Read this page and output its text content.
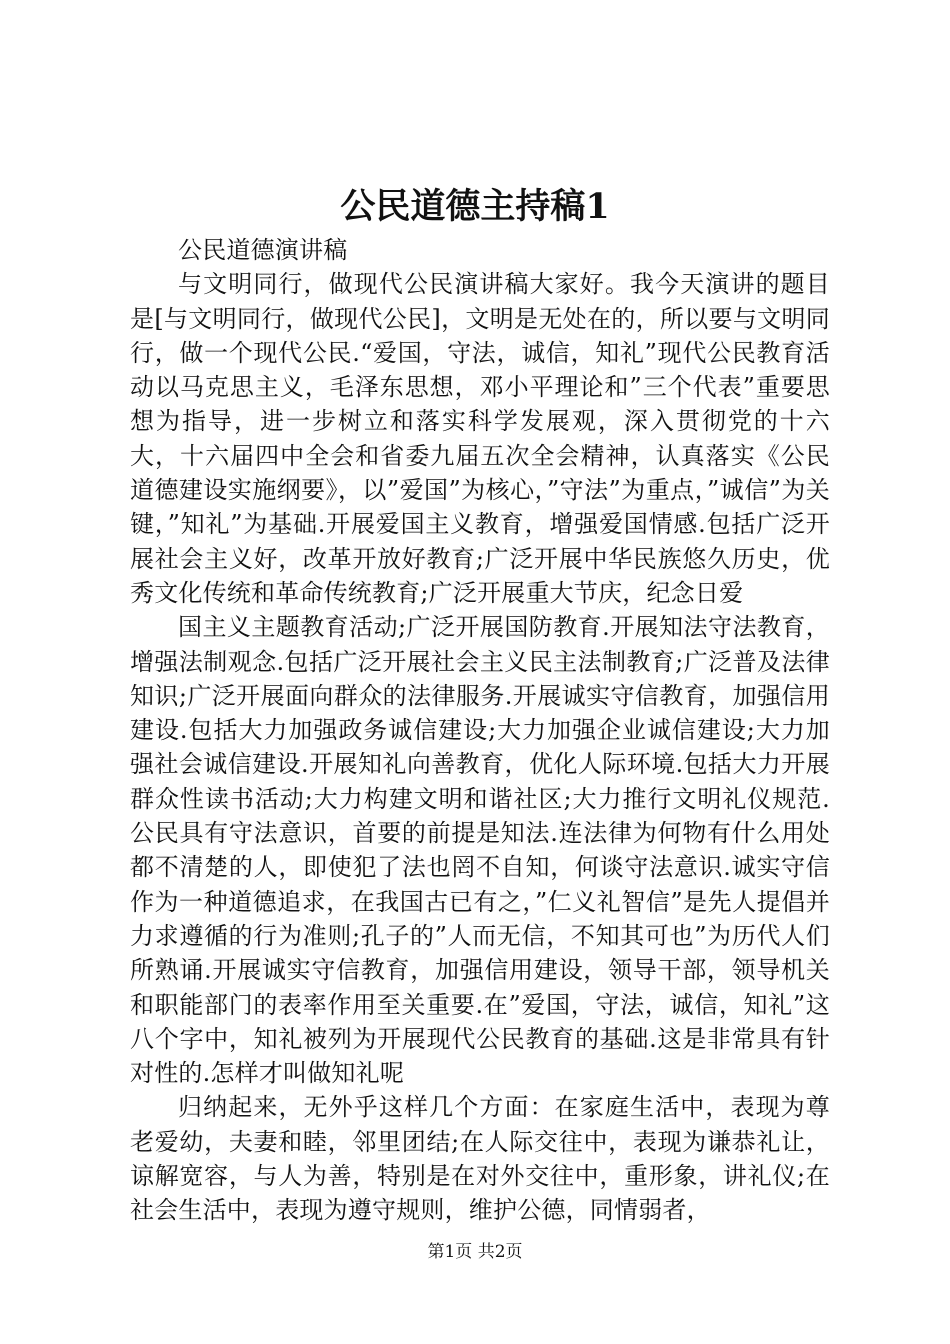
公民道德主持稿1

公民道德演讲稿

与文明同行，做现代公民演讲稿大家好。我今天演讲的题目是[与文明同行，做现代公民]，文明是无处在的，所以要与文明同行，做一个现代公民.“爱国，守法，诚信，知礼”现代公民教育活动以马克思主义，毛泽东思想，邓小平理论和”三个代表”重要思想为指导，进一步树立和落实科学发展观，深入贯彻党的十六大，十六届四中全会和省委九届五次全会精神，认真落实《公民道德建设实施纲要》，以”爱国”为核心，”守法”为重点，”诚信”为关键，”知礼”为基础.开展爱国主义教育，增强爱国情感.包括广泛开展社会主义好，改革开放好教育;广泛开展中华民族悠久历史，优秀文化传统和革命传统教育;广泛开展重大节庆，纪念日爱

国主义主题教育活动;广泛开展国防教育.开展知法守法教育，增强法制观念.包括广泛开展社会主义民主法制教育;广泛普及法律知识;广泛开展面向群众的法律服务.开展诚实守信教育，加强信用建设.包括大力加强政务诚信建设;大力加强企业诚信建设;大力加强社会诚信建设.开展知礼向善教育，优化人际环境.包括大力开展群众性读书活动;大力构建文明和谐社区;大力推行文明礼仪规范.公民具有守法意识，首要的前提是知法.连法律为何物有什么用处都不清楚的人，即使犯了法也罔不自知，何谈守法意识.诚实守信作为一种道德追求，在我国古已有之，”仁义礼智信”是先人提倡并力求遵循的行为准则;孔子的”人而无信，不知其可也”为历代人们所熟诵.开展诚实守信教育，加强信用建设，领导干部，领导机关和职能部门的表率作用至关重要.在”爱国，守法，诚信，知礼”这八个字中，知礼被列为开展现代公民教育的基础.这是非常具有针对性的.怎样才叫做知礼呢

归纳起来，无外乎这样几个方面：在家庭生活中，表现为尊老爱幼，夫妻和睦，邻里团结;在人际交往中，表现为谦恭礼让，谅解宽容，与人为善，特别是在对外交往中，重形象，讲礼仪;在社会生活中，表现为遵守规则，维护公德，同情弱者，

第1页 共2页
